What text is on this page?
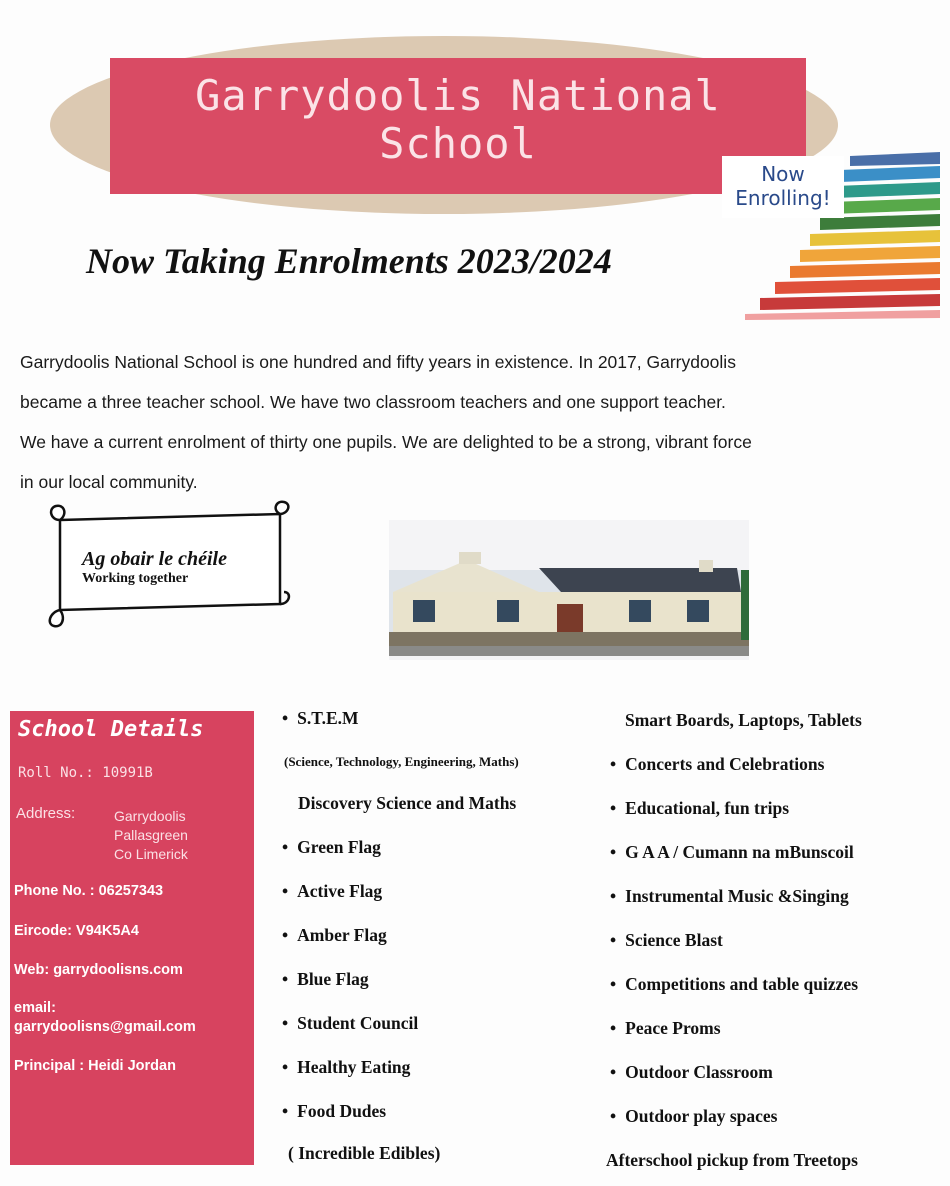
Garrydoolis National
School
Now
Enrolling!
Now Taking Enrolments 2023/2024
Garrydoolis National School is one hundred and fifty years in existence. In 2017, Garrydoolis
became a three teacher school. We have two classroom teachers and one support teacher.
We have a current enrolment of thirty one pupils. We are delighted to be a strong, vibrant force
in our local community.
Ag obair le chéile
Working together
School Details
Roll No.: 10991B
Address:	Garrydoolis
Pallasgreen
Co Limerick
Phone No. : 06257343
Eircode: V94K5A4
Web: garrydoolisns.com
email:
garrydoolisns@gmail.com
Principal : Heidi Jordan
• S.T.E.M
(Science, Technology, Engineering, Maths)
Discovery Science and Maths
• Green Flag
• Active Flag
• Amber Flag
• Blue Flag
• Student Council
• Healthy Eating
• Food Dudes
( Incredible Edibles)
Smart Boards, Laptops, Tablets
• Concerts and Celebrations
• Educational, fun trips
• G A A / Cumann na mBunscoil
• Instrumental Music &Singing
• Science Blast
• Competitions and table quizzes
• Peace Proms
• Outdoor Classroom
• Outdoor play spaces
Afterschool pickup from Treetops
